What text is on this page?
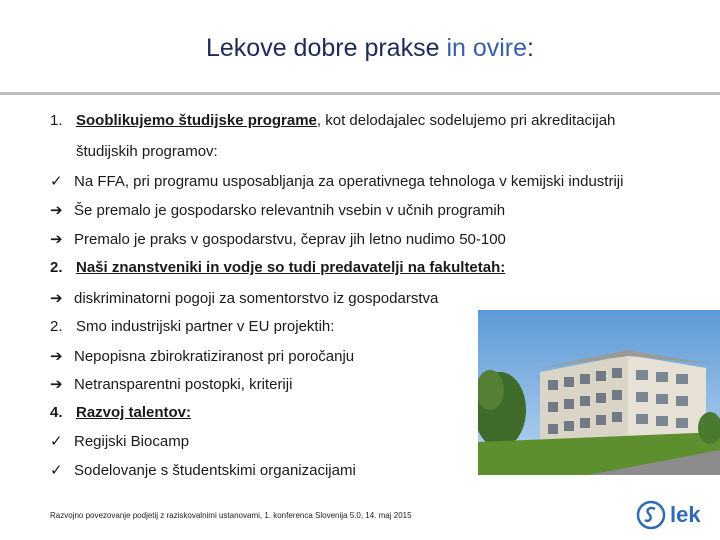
Lekove dobre prakse in ovire:
1. Sooblikujemo študijske programe, kot delodajalec sodelujemo pri akreditacijah
študijskih programov:
✓ Na FFA, pri programu usposabljanja za operativnega tehnologa v kemijski industriji
➔ Še premalo je gospodarsko relevantnih vsebin v učnih programih
➔ Premalo je praks v gospodarstvu, čeprav jih letno nudimo 50-100
2. Naši znanstveniki in vodje so tudi predavatelji na fakultetah:
➔ diskriminatorni pogoji za somentorstvo iz gospodarstva
2. Smo industrijski partner v EU projektih:
➔ Nepopisna zbirokratiziranost pri poročanju
➔ Netransparentni postopki, kriteriji
4. Razvoj talentov:
✓ Regijski Biocamp
✓ Sodelovanje s študentskimi organizacijami
Razvojno povezovanje podjetij z raziskovalnimi ustanovami, 1. konferenca Slovenija 5.0, 14. maj 2015	lek
